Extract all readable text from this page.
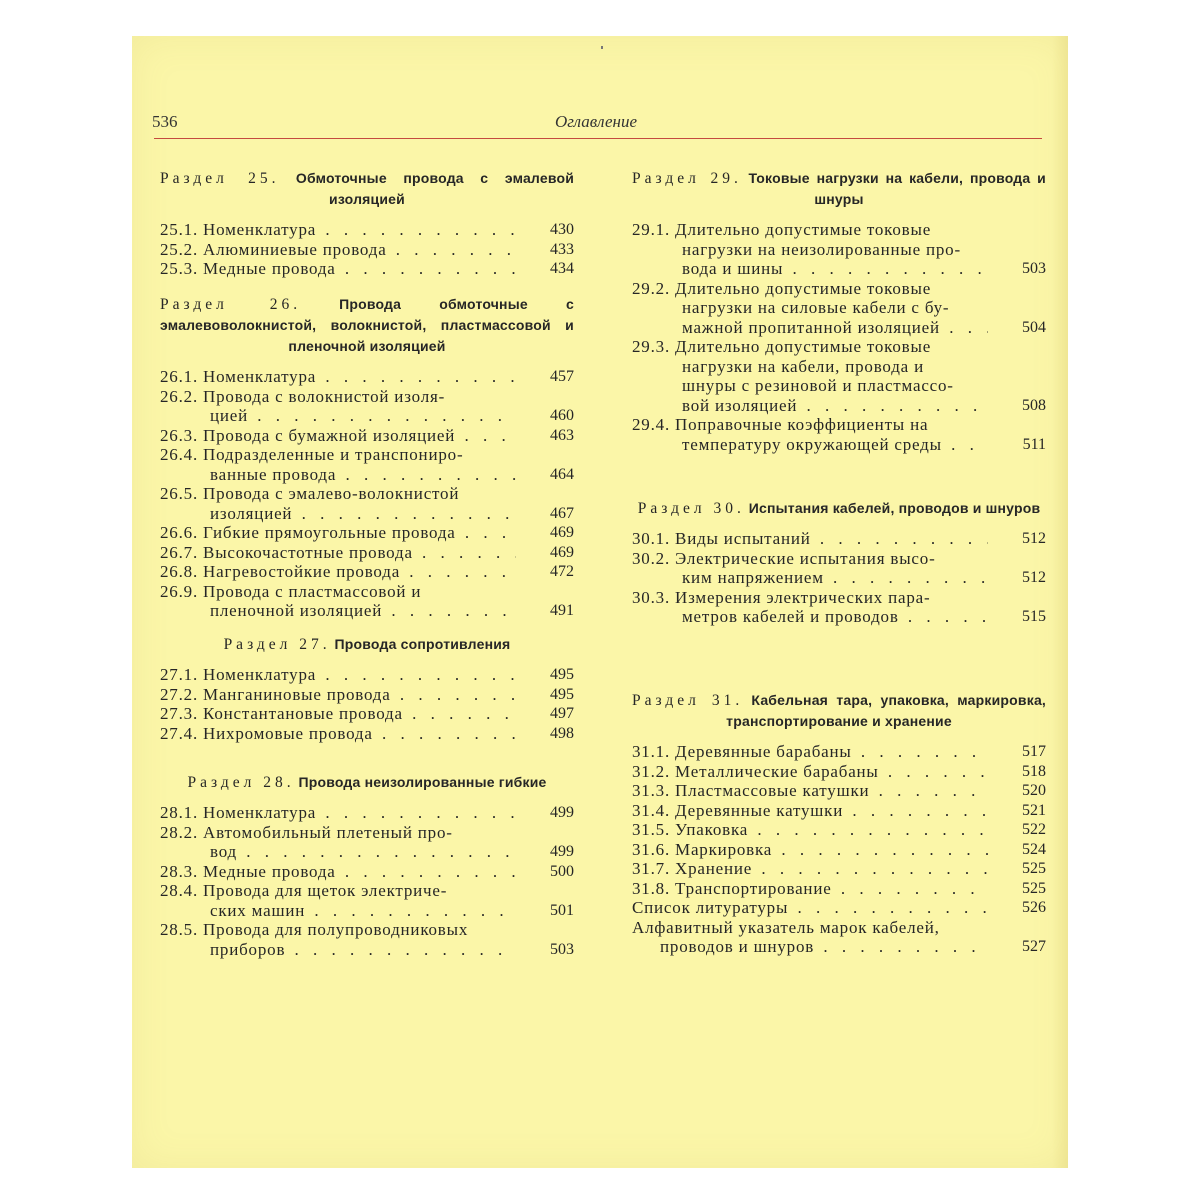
536	Оглавление
Раздел 25. Обмоточные провода с эмалевой изоляцией
25.1. Номенклатура . . .	430
25.2. Алюминиевые провода . . .	433
25.3. Медные провода . . .	434
Раздел 26.	Провода обмоточные с эмалевоволокнистой, волокнистой, пластмассовой и пленочной изоляцией
26.1. Номенклатура . . .	457
26.2. Провода с волокнистой изоля-
цией . . .	460
26.3. Провода с бумажной изоляцией . . .	463
26.4. Подразделенные и транспониро-
ванные провода . . .	464
26.5. Провода с эмалево-волокнистой
изоляцией . . .	467
26.6. Гибкие прямоугольные провода . . .	469
26.7. Высокочастотные провода . . .	469
26.8. Нагревостойкие провода . . .	472
26.9. Провода с пластмассовой и
пленочной изоляцией . . .	491
Раздел 27. Провода сопротивления
27.1. Номенклатура . . .	495
27.2. Манганиновые провода . . .	495
27.3. Константановые провода . . .	497
27.4. Нихромовые провода . . .	498
Раздел 28. Провода неизолированные гибкие
28.1. Номенклатура . . .	499
28.2. Автомобильный плетеный про-
вод . . .	499
28.3. Медные провода . . .	500
28.4. Провода для щеток электриче-
ских машин . . .	501
28.5. Провода для полупроводниковых
приборов . . .	503
Раздел 29. Токовые нагрузки на кабели, провода и шнуры
29.1. Длительно допустимые токовые
нагрузки на неизолированные про-
вода и шины . . .	503
29.2. Длительно допустимые токовые
нагрузки на силовые кабели с бу-
мажной пропитанной изоляцией . . .	504
29.3. Длительно допустимые токовые
нагрузки на кабели, провода и
шнуры с резиновой и пластмассо-
вой изоляцией . . .	508
29.4. Поправочные коэффициенты на
температуру окружающей среды . . .	511
Раздел 30. Испытания кабелей, проводов и шнуров
30.1. Виды испытаний . . .	512
30.2. Электрические испытания высо-
ким напряжением . . .	512
30.3. Измерения электрических пара-
метров кабелей и проводов . . .	515
Раздел 31. Кабельная тара, упаковка, маркировка, транспортирование и хранение
31.1. Деревянные барабаны . . .	517
31.2. Металлические барабаны . . .	518
31.3. Пластмассовые катушки . . .	520
31.4. Деревянные катушки . . .	521
31.5. Упаковка . . .	522
31.6. Маркировка . . .	524
31.7. Хранение . . .	525
31.8. Транспортирование . . .	525
Список литуратуры . . .	526
Алфавитный указатель марок кабелей,
проводов и шнуров . . .	527
